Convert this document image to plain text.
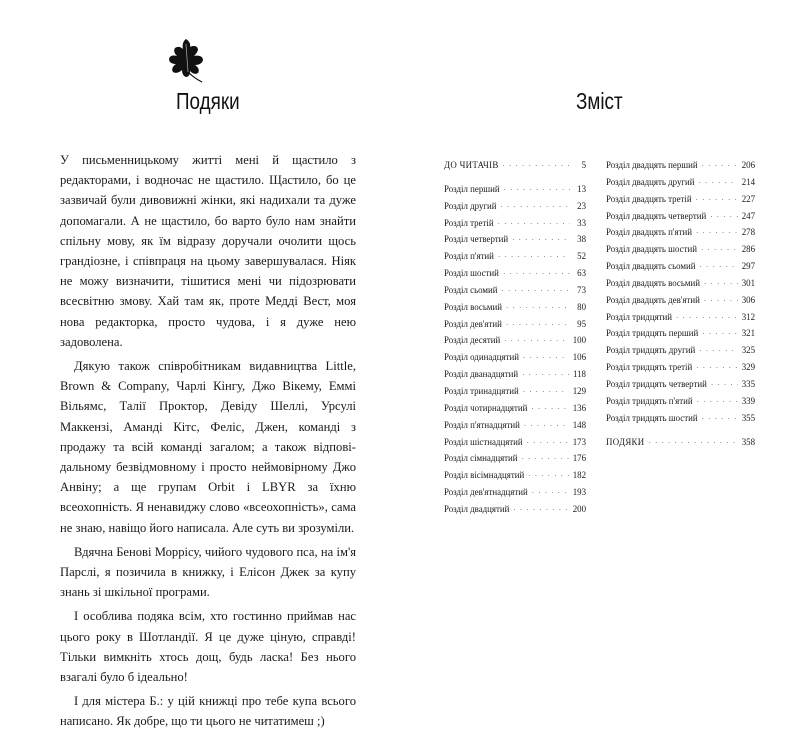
Подяки

У письменницькому житті мені й щастило з редакторами, і водночас не щастило. Щастило, бо це зазвичай були дивовижні жінки, які надихали та дуже допомагали. А не щастило, бо варто було нам знайти спільну мову, як їм відразу доручали очолити щось грандіозне, і співпраця на цьому завершувалася. Ніяк не можу визначити, тішитися мені чи підозрювати всесвітню змову. Хай там як, проте Медді Вест, моя нова редакторка, просто чудова, і я дуже нею задоволена.

Дякую також співробітникам видавництва Little, Brown & Company, Чарлі Кінгу, Джо Вікему, Еммі Вільямс, Талії Проктор, Девіду Шеллі, Урсулі Маккензі, Аманді Кітс, Феліс, Джен, команді з продажу та всій команді загалом; а також відповідальному безвідмовному і просто неймовірному Джо Анвіну; а ще групам Orbit і LBYR за їхню всеохопність. Я ненавиджу слово «всеохопність», сама не знаю, навіщо його написала. Але суть ви зрозуміли.

Вдячна Бенові Моррісу, чийого чудового пса, на ім'я Парслі, я позичила в книжку, і Елісон Джек за купу знань зі шкільної програми.

І особлива подяка всім, хто гостинно приймав нас цього року в Шотландії. Я це дуже ціную, справді! Тільки вимкніть хтось дощ, будь ласка! Без нього взагалі було б ідеально!

І для містера Б.: у цій книжці про тебе купа всього написано. Як добре, що ти цього не читатимеш ;)

Зміст
ДО ЧИТАЧІВ · · ·	5
Розділ перший · · ·	13
Розділ другий · · ·	23
Розділ третій · · ·	33
Розділ четвертий · · ·	38
Розділ п'ятий · · ·	52
Розділ шостий · · ·	63
Розділ сьомий · · ·	73
Розділ восьмий · · ·	80
Розділ дев'ятий · · ·	95
Розділ десятий · · ·	100
Розділ одинадцятий · · ·	106
Розділ дванадцятий · · ·	118
Розділ тринадцятий · · ·	129
Розділ чотирнадцятий · · ·	136
Розділ п'ятнадцятий · · ·	148
Розділ шістнадцятий · · ·	173
Розділ сімнадцятий · · ·	176
Розділ вісімнадцятий · · ·	182
Розділ дев'ятнадцятий · · ·	193
Розділ двадцятий · · ·	200
Розділ двадцять перший · · ·	206
Розділ двадцять другий · · ·	214
Розділ двадцять третій · · ·	227
Розділ двадцять четвертий · · ·	247
Розділ двадцять п'ятий · · ·	278
Розділ двадцять шостий · · ·	286
Розділ двадцять сьомий · · ·	297
Розділ двадцять восьмий · · ·	301
Розділ двадцять дев'ятий · · ·	306
Розділ тридцятий · · ·	312
Розділ тридцять перший · · ·	321
Розділ тридцять другий · · ·	325
Розділ тридцять третій · · ·	329
Розділ тридцять четвертий · · ·	335
Розділ тридцять п'ятий · · ·	339
Розділ тридцять шостий · · ·	355
ПОДЯКИ · · ·	358
